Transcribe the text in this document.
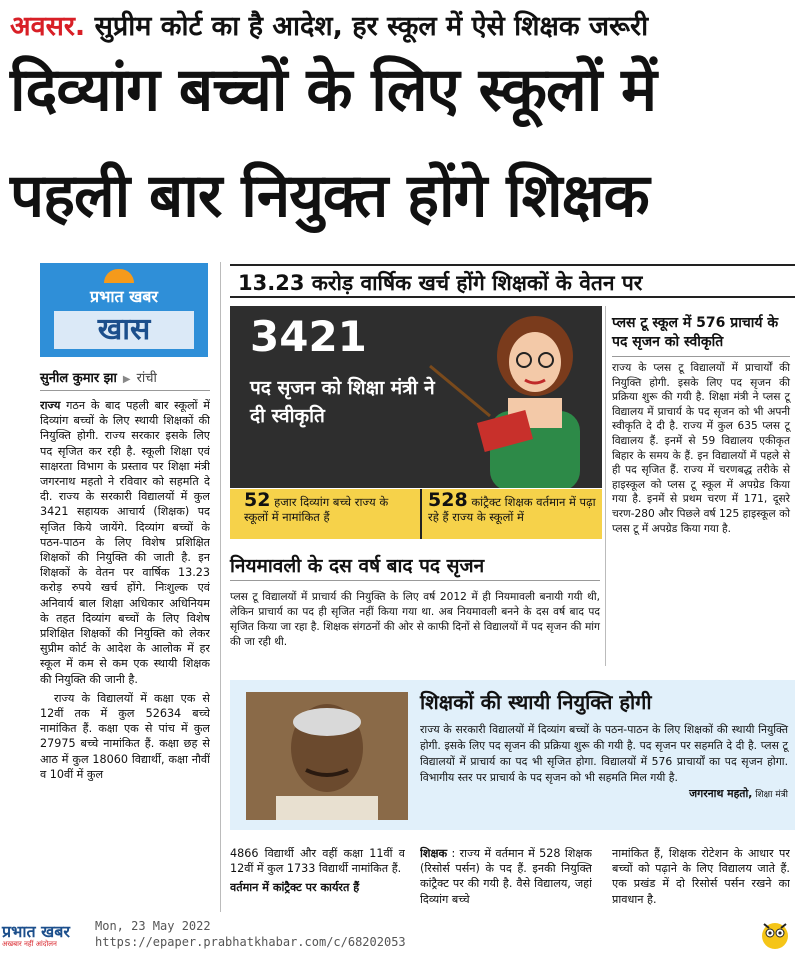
अवसर. सुप्रीम कोर्ट का है आदेश, हर स्कूल में ऐसे शिक्षक जरूरी
दिव्यांग बच्चों के लिए स्कूलों में
पहली बार नियुक्त होंगे शिक्षक
प्रभात खबर
खास
सुनील कुमार झा ▶ रांची
राज्य गठन के बाद पहली बार स्कूलों में दिव्यांग बच्चों के लिए स्थायी शिक्षकों की नियुक्ति होगी. राज्य सरकार इसके लिए पद सृजित कर रही है. स्कूली शिक्षा एवं साक्षरता विभाग के प्रस्ताव पर शिक्षा मंत्री जगरनाथ महतो ने रविवार को सहमति दे दी. राज्य के सरकारी विद्यालयों में कुल 3421 सहायक आचार्य (शिक्षक) पद सृजित किये जायेंगे. दिव्यांग बच्चों के पठन-पाठन के लिए विशेष प्रशिक्षित शिक्षकों की नियुक्ति की जाती है. इन शिक्षकों के वेतन पर वार्षिक 13.23 करोड़ रुपये खर्च होंगे. निःशुल्क एवं अनिवार्य बाल शिक्षा अधिकार अधिनियम के तहत दिव्यांग बच्चों के लिए विशेष प्रशिक्षित शिक्षकों की नियुक्ति को लेकर सुप्रीम कोर्ट के आदेश के आलोक में हर स्कूल में कम से कम एक स्थायी शिक्षक की नियुक्ति की जानी है.
राज्य के विद्यालयों में कक्षा एक से 12वीं तक में कुल 52634 बच्चे नामांकित हैं. कक्षा एक से पांच में कुल 27975 बच्चे नामांकित हैं. कक्षा छह से आठ में कुल 18060 विद्यार्थी, कक्षा नौवीं व 10वीं में कुल
13.23 करोड़ वार्षिक खर्च होंगे शिक्षकों के वेतन पर
3421
पद सृजन को शिक्षा मंत्री ने दी स्वीकृति
52 हजार दिव्यांग बच्चे राज्य के स्कूलों में नामांकित हैं
528 कांट्रैक्ट शिक्षक वर्तमान में पढ़ा रहे हैं राज्य के स्कूलों में
प्लस टू स्कूल में 576 प्राचार्य के पद सृजन को स्वीकृति
राज्य के प्लस टू विद्यालयों में प्राचार्यों की नियुक्ति होगी. इसके लिए पद सृजन की प्रक्रिया शुरू की गयी है. शिक्षा मंत्री ने प्लस टू विद्यालय में प्राचार्य के पद सृजन को भी अपनी स्वीकृति दे दी है. राज्य में कुल 635 प्लस टू विद्यालय हैं. इनमें से 59 विद्यालय एकीकृत बिहार के समय के हैं. इन विद्यालयों में पहले से ही पद सृजित हैं. राज्य में चरणबद्ध तरीके से हाइस्कूल को प्लस टू स्कूल में अपग्रेड किया गया है. इनमें से प्रथम चरण में 171, दूसरे चरण-280 और पिछले वर्ष 125 हाइस्कूल को प्लस टू में अपग्रेड किया गया है.
नियमावली के दस वर्ष बाद पद सृजन
प्लस टू विद्यालयों में प्राचार्य की नियुक्ति के लिए वर्ष 2012 में ही नियमावली बनायी गयी थी, लेकिन प्राचार्य का पद ही सृजित नहीं किया गया था. अब नियमावली बनने के दस वर्ष बाद पद सृजित किया जा रहा है. शिक्षक संगठनों की ओर से काफी दिनों से विद्यालयों में पद सृजन की मांग की जा रही थी.
शिक्षकों की स्थायी नियुक्ति होगी
राज्य के सरकारी विद्यालयों में दिव्यांग बच्चों के पठन-पाठन के लिए शिक्षकों की स्थायी नियुक्ति होगी. इसके लिए पद सृजन की प्रक्रिया शुरू की गयी है. पद सृजन पर सहमति दे दी है. प्लस टू विद्यालयों में प्राचार्य का पद भी सृजित होगा. विद्यालयों में 576 प्राचार्यों का पद सृजन होगा. विभागीय स्तर पर प्राचार्य के पद सृजन को भी सहमति मिल गयी है.
जगरनाथ महतो, शिक्षा मंत्री
4866 विद्यार्थी और वहीं कक्षा 11वीं व 12वीं में कुल 1733 विद्यार्थी नामांकित हैं.
वर्तमान में कांट्रैक्ट पर कार्यरत हैं
शिक्षक : राज्य में वर्तमान में 528 शिक्षक (रिसोर्स पर्सन) के पद हैं. इनकी नियुक्ति कांट्रैक्ट पर की गयी है. वैसे विद्यालय, जहां दिव्यांग बच्चे
नामांकित हैं, शिक्षक रोटेशन के आधार पर बच्चों को पढ़ाने के लिए विद्यालय जाते हैं. एक प्रखंड में दो रिसोर्स पर्सन रखने का प्रावधान है.
प्रभात खबर
अखबार नहीं आंदोलन
Mon, 23 May 2022
https://epaper.prabhatkhabar.com/c/68202053
